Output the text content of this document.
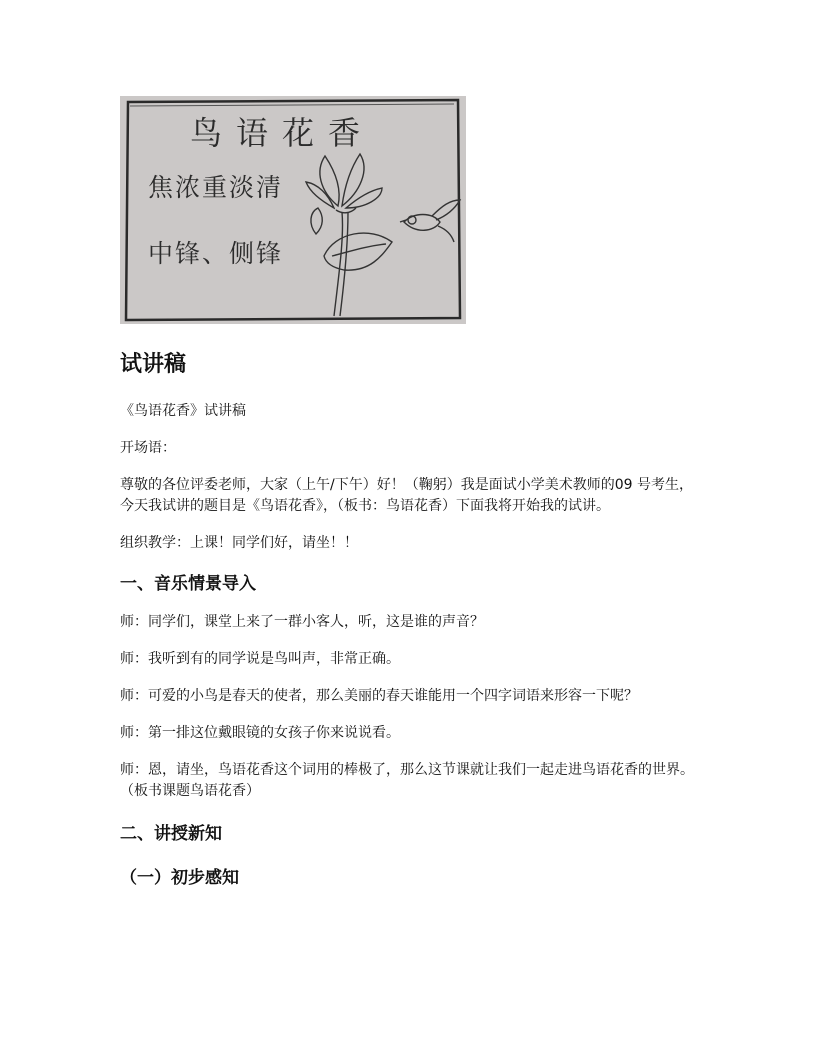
鸟语花香
焦浓重淡清
中锋、侧锋
试讲稿

《鸟语花香》试讲稿

开场语：

尊敬的各位评委老师，大家（上午/下午）好！（鞠躬）我是面试小学美术教师的09 号考生，今天我试讲的题目是《鸟语花香》，（板书：鸟语花香）下面我将开始我的试讲。

组织教学：上课！同学们好，请坐！！

一、音乐情景导入

师：同学们，课堂上来了一群小客人，听，这是谁的声音？

师：我听到有的同学说是鸟叫声，非常正确。

师：可爱的小鸟是春天的使者，那么美丽的春天谁能用一个四字词语来形容一下呢？

师：第一排这位戴眼镜的女孩子你来说说看。

师：恩，请坐，鸟语花香这个词用的棒极了，那么这节课就让我们一起走进鸟语花香的世界。（板书课题鸟语花香）

二、讲授新知
（一）初步感知
